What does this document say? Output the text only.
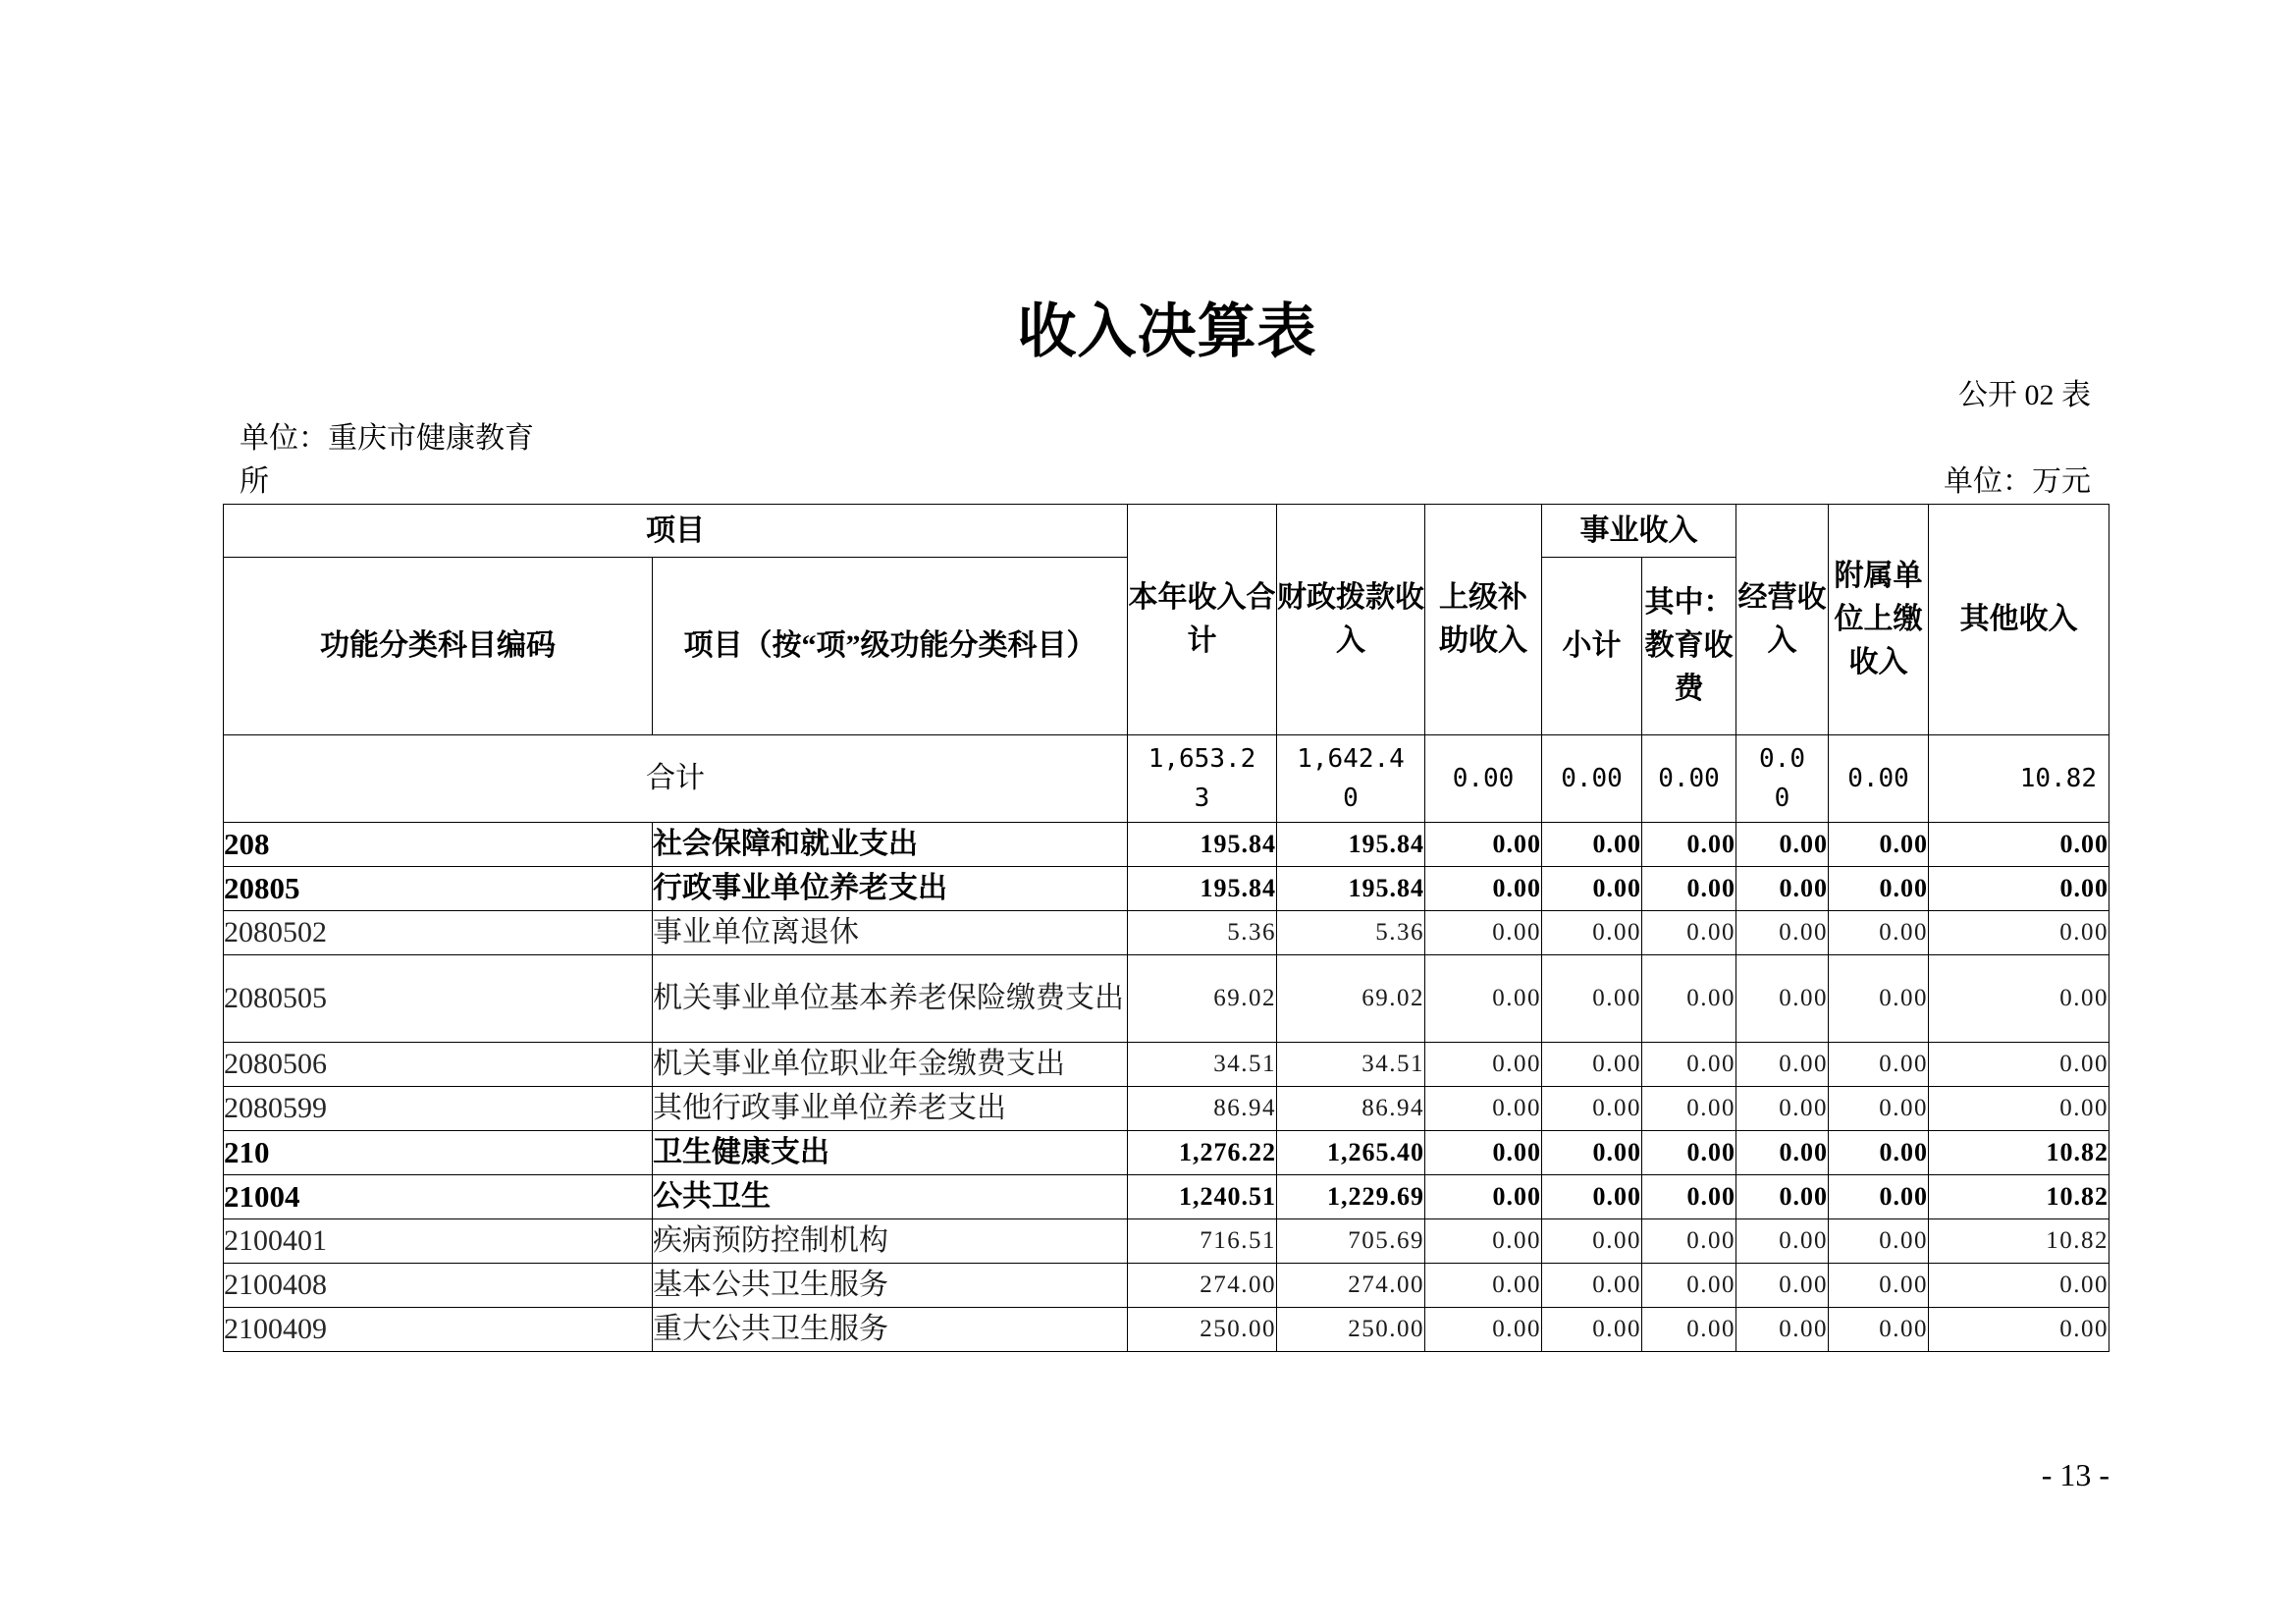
收入决算表
公开 02 表
单位：重庆市健康教育所	单位：万元
项目		本年收入合计	财政拨款收入	上级补助收入	事业收入		经营收入	附属单位上缴收入	其他收入
功能分类科目编码	项目（按“项”级功能分类科目）				小计	其中：教育收费			
合计		1,653.23	1,642.40	0.00	0.00	0.00	0.00	0.00	10.82
208	社会保障和就业支出	195.84	195.84	0.00	0.00	0.00	0.00	0.00	0.00
20805	行政事业单位养老支出	195.84	195.84	0.00	0.00	0.00	0.00	0.00	0.00
2080502	事业单位离退休	5.36	5.36	0.00	0.00	0.00	0.00	0.00	0.00
2080505	机关事业单位基本养老保险缴费支出	69.02	69.02	0.00	0.00	0.00	0.00	0.00	0.00
2080506	机关事业单位职业年金缴费支出	34.51	34.51	0.00	0.00	0.00	0.00	0.00	0.00
2080599	其他行政事业单位养老支出	86.94	86.94	0.00	0.00	0.00	0.00	0.00	0.00
210	卫生健康支出	1,276.22	1,265.40	0.00	0.00	0.00	0.00	0.00	10.82
21004	公共卫生	1,240.51	1,229.69	0.00	0.00	0.00	0.00	0.00	10.82
2100401	疾病预防控制机构	716.51	705.69	0.00	0.00	0.00	0.00	0.00	10.82
2100408	基本公共卫生服务	274.00	274.00	0.00	0.00	0.00	0.00	0.00	0.00
2100409	重大公共卫生服务	250.00	250.00	0.00	0.00	0.00	0.00	0.00	0.00
- 13 -
